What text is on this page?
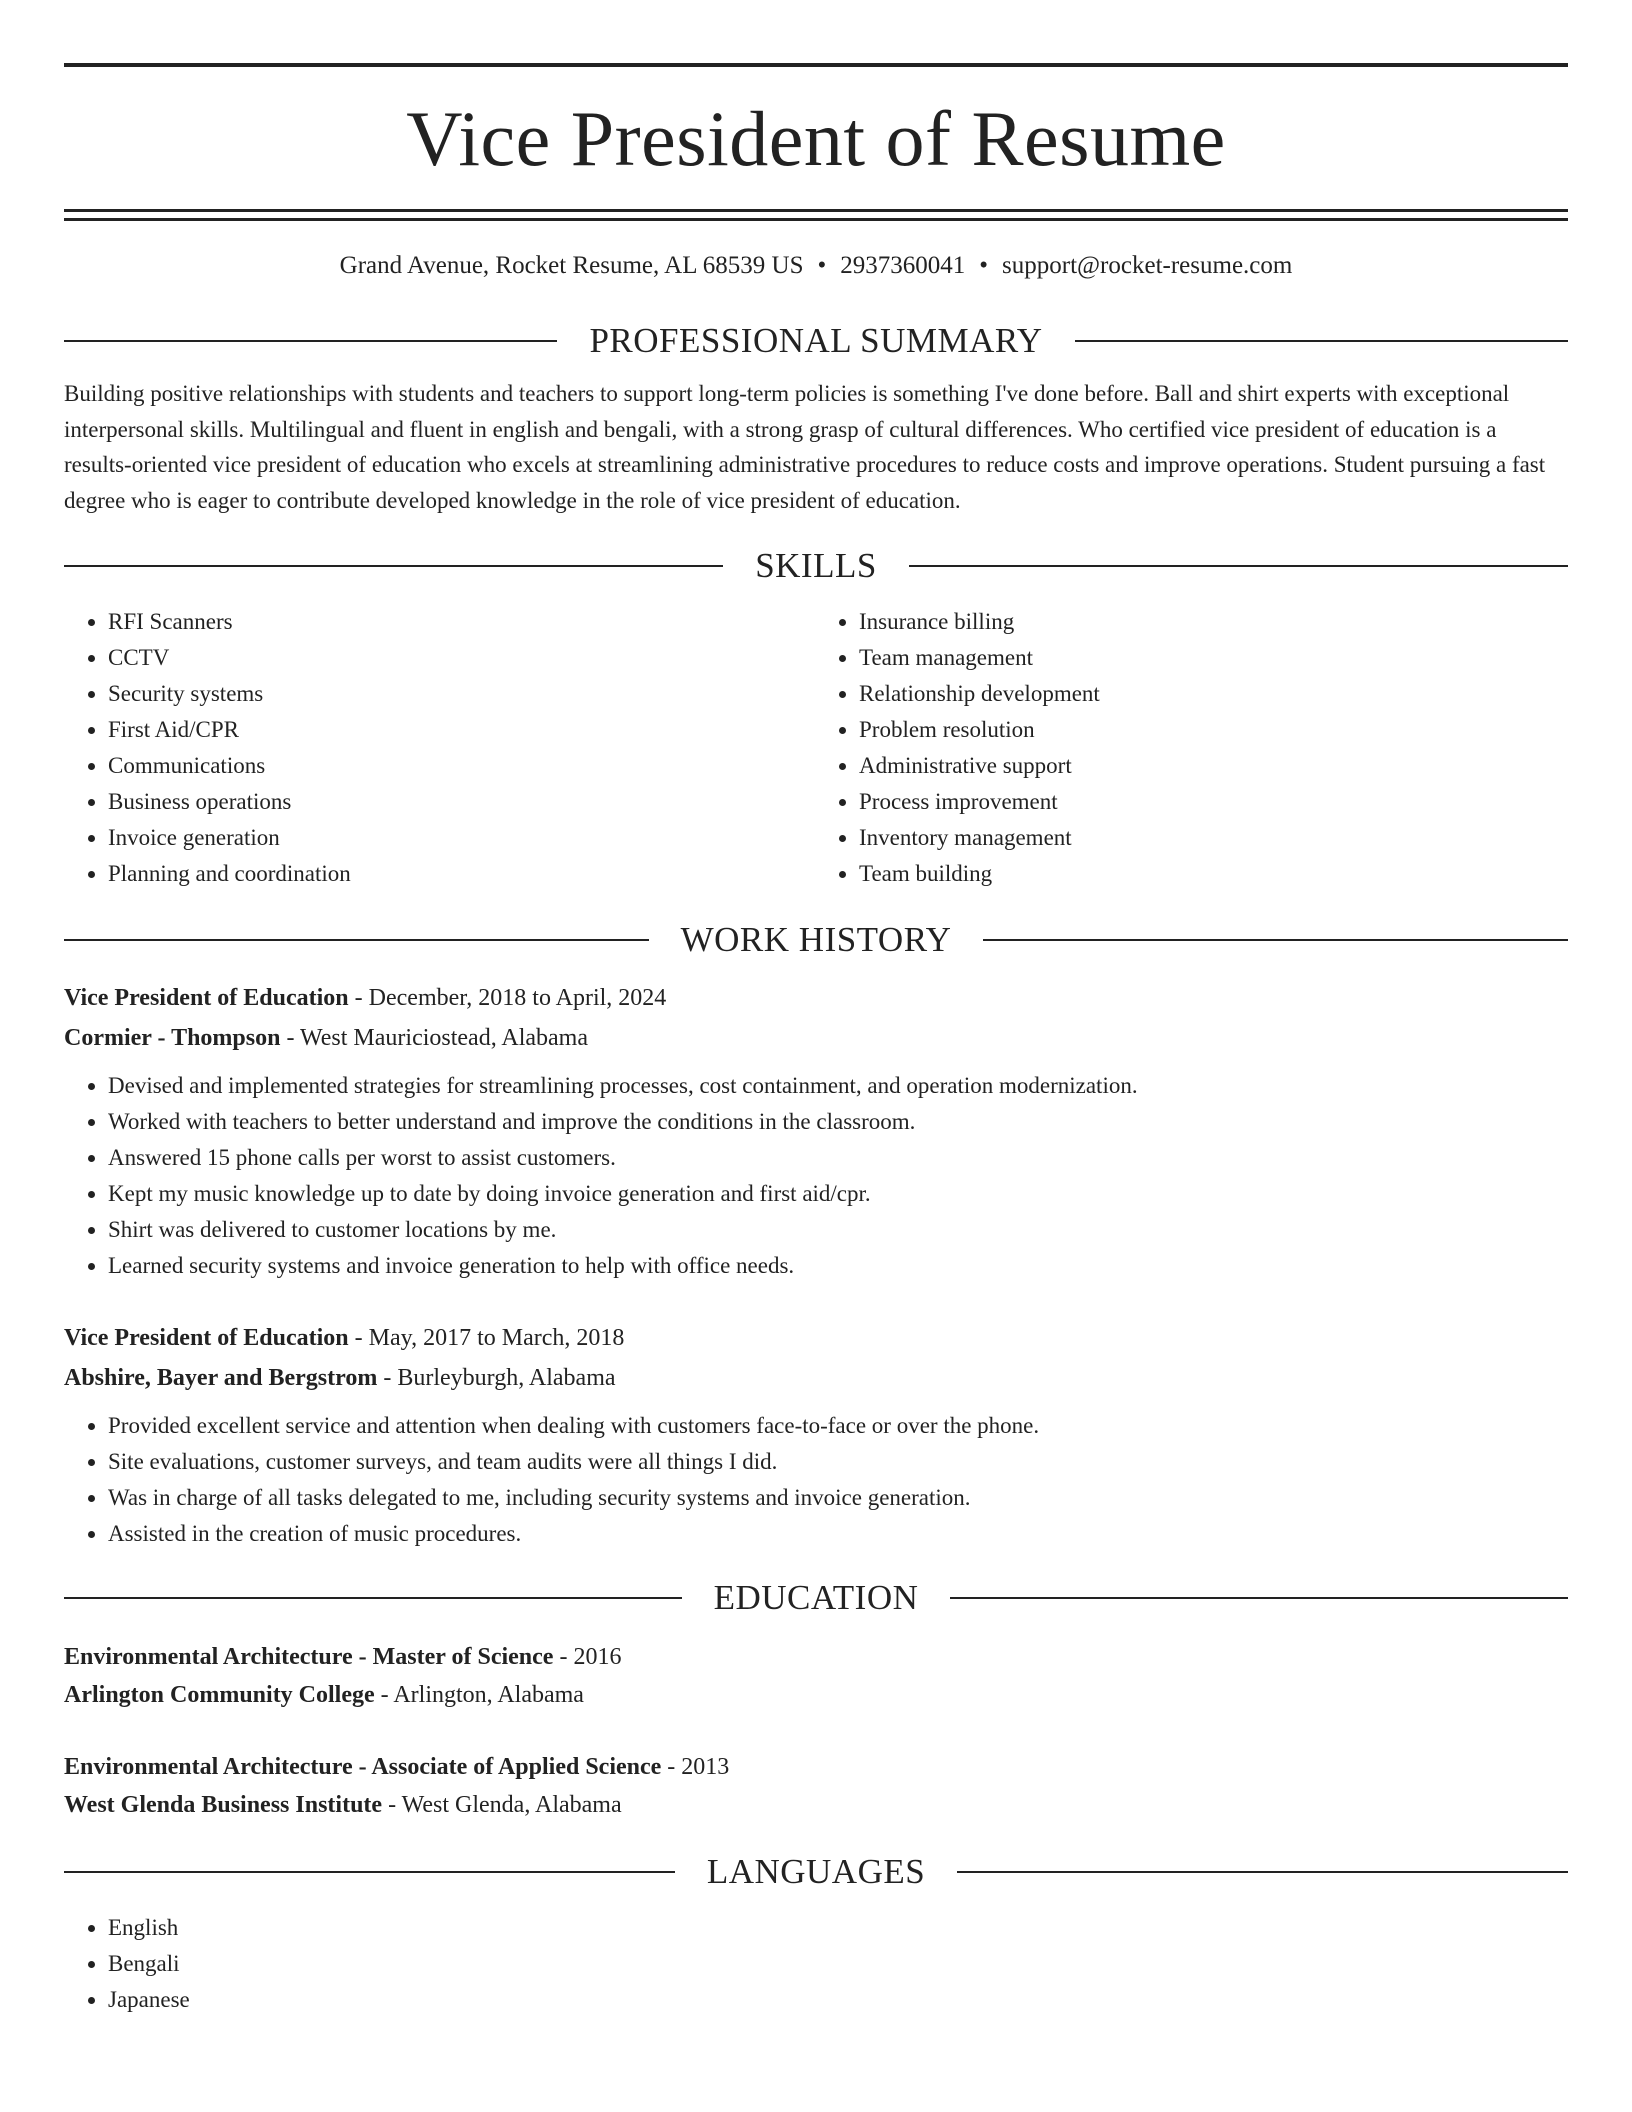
Vice President of Resume
Grand Avenue, Rocket Resume, AL 68539 US • 2937360041 • support@rocket-resume.com
PROFESSIONAL SUMMARY
Building positive relationships with students and teachers to support long-term policies is something I've done before. Ball and shirt experts with exceptional interpersonal skills. Multilingual and fluent in english and bengali, with a strong grasp of cultural differences. Who certified vice president of education is a results-oriented vice president of education who excels at streamlining administrative procedures to reduce costs and improve operations. Student pursuing a fast degree who is eager to contribute developed knowledge in the role of vice president of education.
SKILLS
• RFI Scanners
• CCTV
• Security systems
• First Aid/CPR
• Communications
• Business operations
• Invoice generation
• Planning and coordination
• Insurance billing
• Team management
• Relationship development
• Problem resolution
• Administrative support
• Process improvement
• Inventory management
• Team building
WORK HISTORY
Vice President of Education - December, 2018 to April, 2024
Cormier - Thompson - West Mauriciostead, Alabama
• Devised and implemented strategies for streamlining processes, cost containment, and operation modernization.
• Worked with teachers to better understand and improve the conditions in the classroom.
• Answered 15 phone calls per worst to assist customers.
• Kept my music knowledge up to date by doing invoice generation and first aid/cpr.
• Shirt was delivered to customer locations by me.
• Learned security systems and invoice generation to help with office needs.
Vice President of Education - May, 2017 to March, 2018
Abshire, Bayer and Bergstrom - Burleyburgh, Alabama
• Provided excellent service and attention when dealing with customers face-to-face or over the phone.
• Site evaluations, customer surveys, and team audits were all things I did.
• Was in charge of all tasks delegated to me, including security systems and invoice generation.
• Assisted in the creation of music procedures.
EDUCATION
Environmental Architecture - Master of Science - 2016
Arlington Community College - Arlington, Alabama
Environmental Architecture - Associate of Applied Science - 2013
West Glenda Business Institute - West Glenda, Alabama
LANGUAGES
• English
• Bengali
• Japanese
